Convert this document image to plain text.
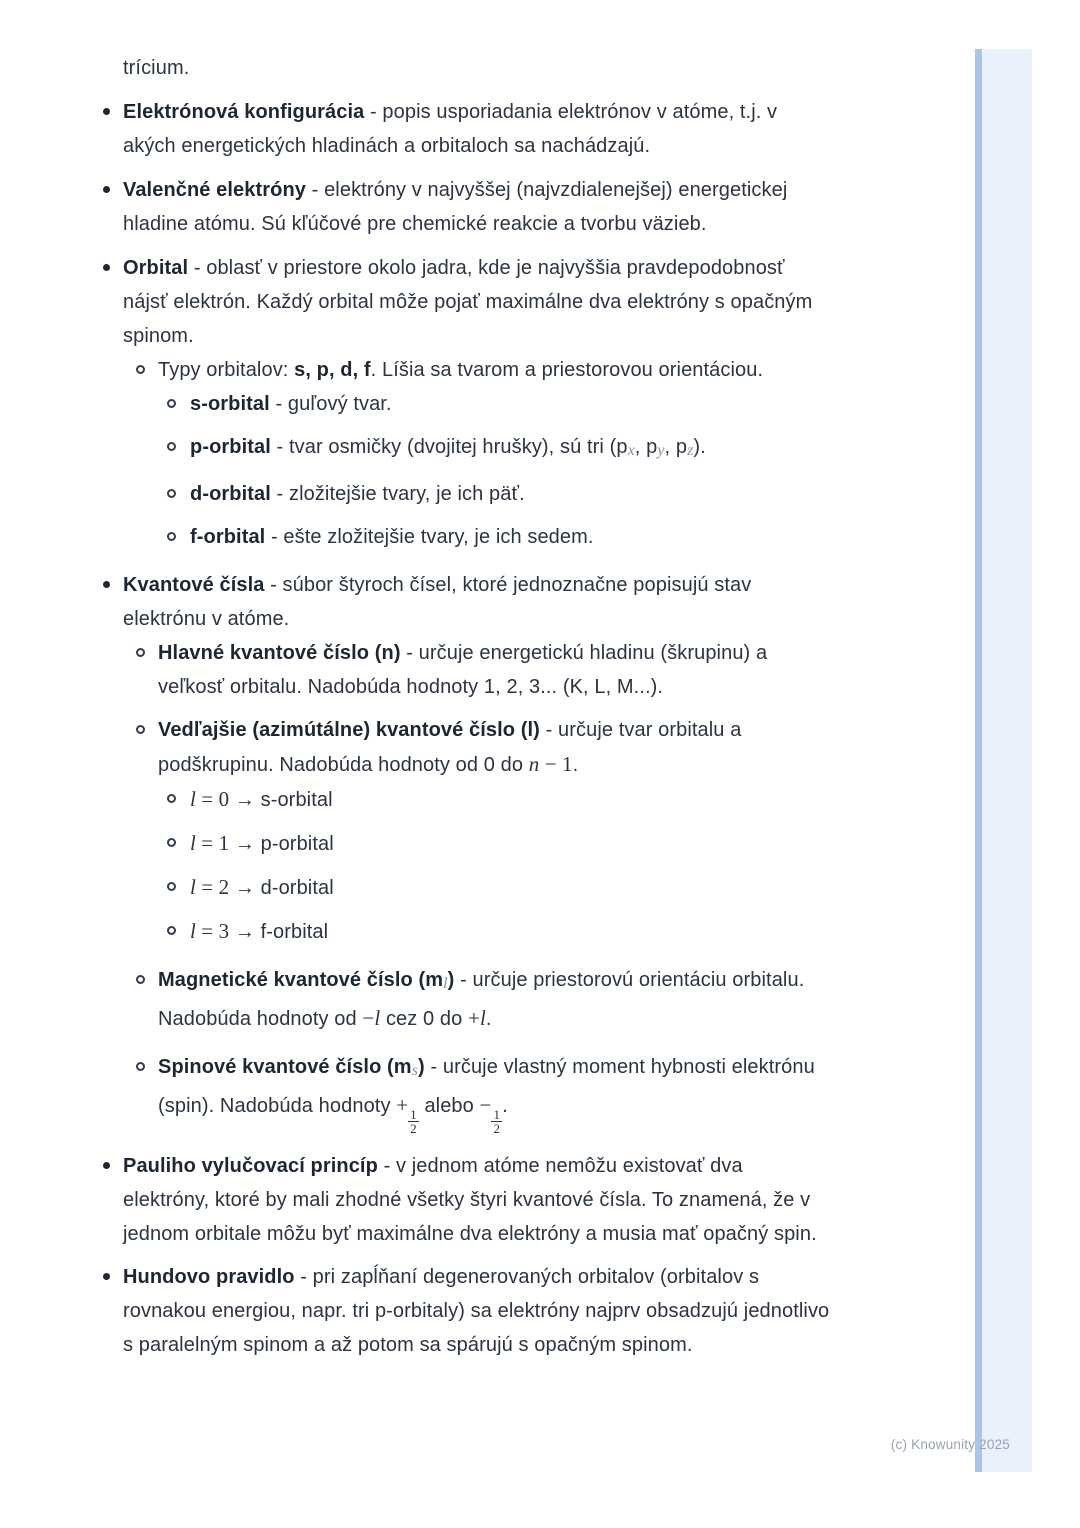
trícium.
Elektrónová konfigurácia - popis usporiadania elektrónov v atóme, t.j. v akých energetických hladinách a orbitaloch sa nachádzajú.
Valenčné elektróny - elektróny v najvyššej (najvzdialenejšej) energetickej hladine atómu. Sú kľúčové pre chemické reakcie a tvorbu väzieb.
Orbital - oblasť v priestore okolo jadra, kde je najvyššia pravdepodobnosť nájsť elektrón. Každý orbital môže pojať maximálne dva elektróny s opačným spinom.
Typy orbitalov: s, p, d, f. Líšia sa tvarom a priestorovou orientáciou.
s-orbital - guľový tvar.
p-orbital - tvar osmičky (dvojitej hrušky), sú tri (px, py, pz).
d-orbital - zložitejšie tvary, je ich päť.
f-orbital - ešte zložitejšie tvary, je ich sedem.
Kvantové čísla - súbor štyroch čísel, ktoré jednoznačne popisujú stav elektrónu v atóme.
Hlavné kvantové číslo (n) - určuje energetickú hladinu (škrupinu) a veľkosť orbitalu. Nadobúda hodnoty 1, 2, 3... (K, L, M...).
Vedľajšie (azimútálne) kvantové číslo (l) - určuje tvar orbitalu a podškrupinu. Nadobúda hodnoty od 0 do n − 1.
l = 0 → s-orbital
l = 1 → p-orbital
l = 2 → d-orbital
l = 3 → f-orbital
Magnetické kvantové číslo (ml) - určuje priestorovú orientáciu orbitalu. Nadobúda hodnoty od −l cez 0 do +l.
Spinové kvantové číslo (ms) - určuje vlastný moment hybnosti elektrónu (spin). Nadobúda hodnoty +
$\frac{1}{2}$
alebo −
$\frac{1}{2}$
.
Pauliho vylučovací princíp - v jednom atóme nemôžu existovať dva elektróny, ktoré by mali zhodné všetky štyri kvantové čísla. To znamená, že v jednom orbitale môžu byť maximálne dva elektróny a musia mať opačný spin.
Hundovo pravidlo - pri zapĺňaní degenerovaných orbitalov (orbitalov s rovnakou energiou, napr. tri p-orbitaly) sa elektróny najprv obsadzujú jednotlivo s paralelným spinom a až potom sa spárujú s opačným spinom.
(c) Knowunity 2025
